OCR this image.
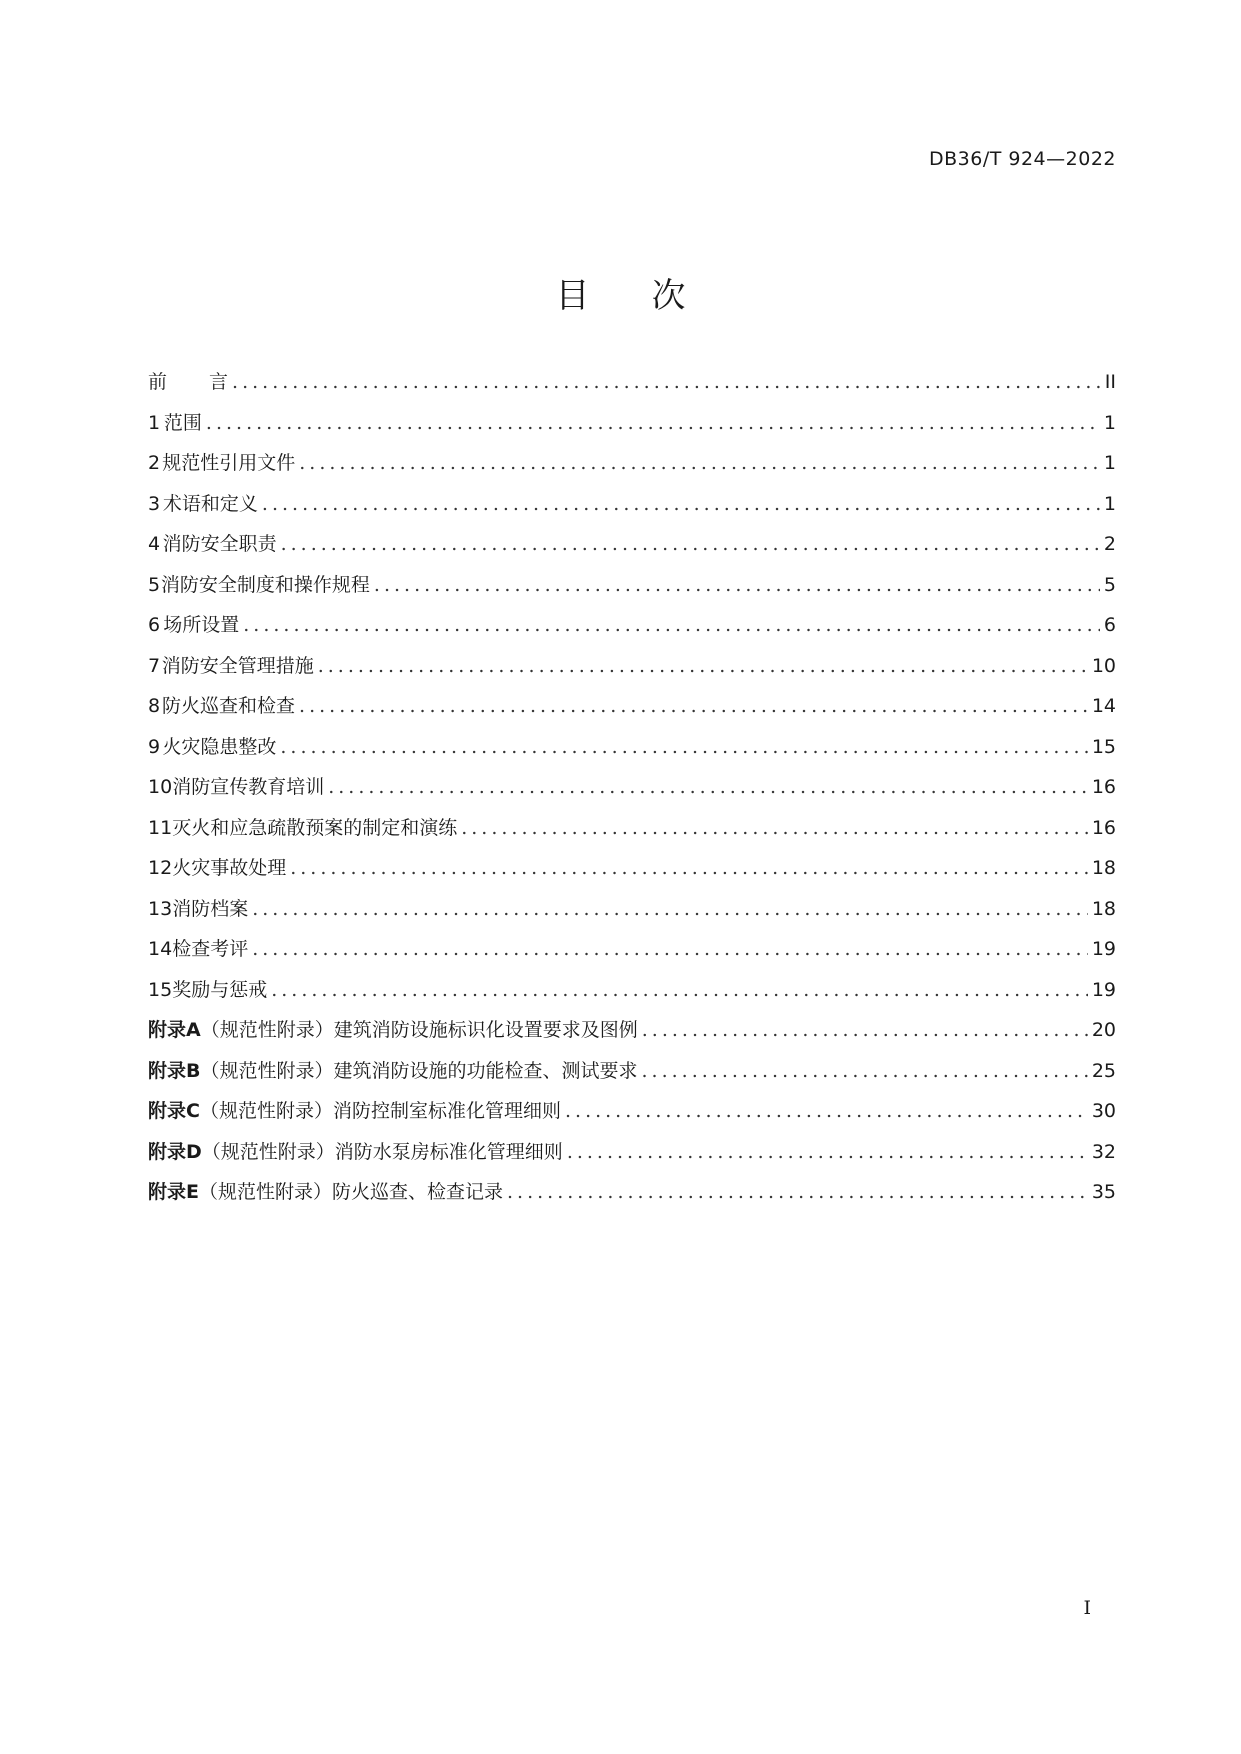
DB36/T 924—2022
目 次
前 言 .....	II
1 范围 .....	1
2 规范性引用文件 .....	1
3 术语和定义 .....	1
4 消防安全职责 .....	2
5 消防安全制度和操作规程 .....	5
6 场所设置 .....	6
7 消防安全管理措施 .....	10
8 防火巡查和检查 .....	14
9 火灾隐患整改 .....	15
10 消防宣传教育培训 .....	16
11 灭火和应急疏散预案的制定和演练 .....	16
12 火灾事故处理 .....	18
13 消防档案 .....	18
14 检查考评 .....	19
15 奖励与惩戒 .....	19
附录A （规范性附录） 建筑消防设施标识化设置要求及图例 .....	20
附录B （规范性附录） 建筑消防设施的功能检查、测试要求 .....	25
附录C （规范性附录） 消防控制室标准化管理细则 .....	30
附录D （规范性附录） 消防水泵房标准化管理细则 .....	32
附录E （规范性附录） 防火巡查、检查记录 .....	35
I
